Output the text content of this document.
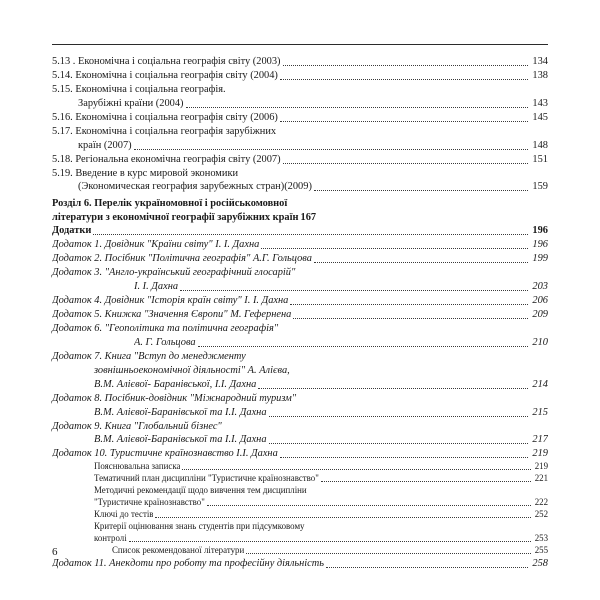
5.13 . Економічна і соціальна географія світу (2003)	134
5.14. Економічна і соціальна географія світу (2004)	138
5.15. Економічна і соціальна географія.
Зарубіжні країни (2004)	143
5.16. Економічна і соціальна географія світу (2006)	145
5.17. Економічна і соціальна географія зарубіжних
країн (2007)	148
5.18. Регіональна економічна географія світу (2007)	151
5.19. Введение в курс мировой экономики
(Экономическая география зарубежных стран)(2009)	159
Розділ 6. Перелік україномовної і російськомовної
літератури з економічної географії зарубіжних країн 167
Додатки	196
Додаток 1. Довідник "Країни світу" І. І. Дахна	196
Додаток 2. Посібник "Політична географія" А.Г. Гольцова	199
Додаток 3. "Англо-український географічний глосарій"
І. І. Дахна	203
Додаток 4. Довідник "Історія країн світу" І. І. Дахна	206
Додаток 5. Книжка "Значення Європи" М. Гефернена	209
Додаток 6. "Геополітика та політична географія"
А. Г. Гольцова	210
Додаток 7. Книга "Вступ до менеджменту
зовнішньоекономічної діяльності" А. Алієва,
В.М. Алієвої- Баранівської, І.І. Дахна	214
Додаток 8. Посібник-довідник "Міжнародний туризм"
В.М. Алієвої-Баранівської та І.І. Дахна	215
Додаток 9. Книга "Глобальний бізнес"
В.М. Алієвої-Баранівської та І.І. Дахна	217
Додаток 10. Туристичне країнознавство І.І. Дахна	219
Пояснювальна записка	219
Тематичний план дисципліни "Туристичне країнознавство"	221
Методичні рекомендації щодо вивчення тем дисципліни
"Туристичне країнознавство"	222
Ключі до тестів	252
Критерії оцінювання знань студентів при підсумковому
контролі	253
Список рекомендованої літератури	255
Додаток 11. Анекдоти про роботу та професійну діяльність	258
6
